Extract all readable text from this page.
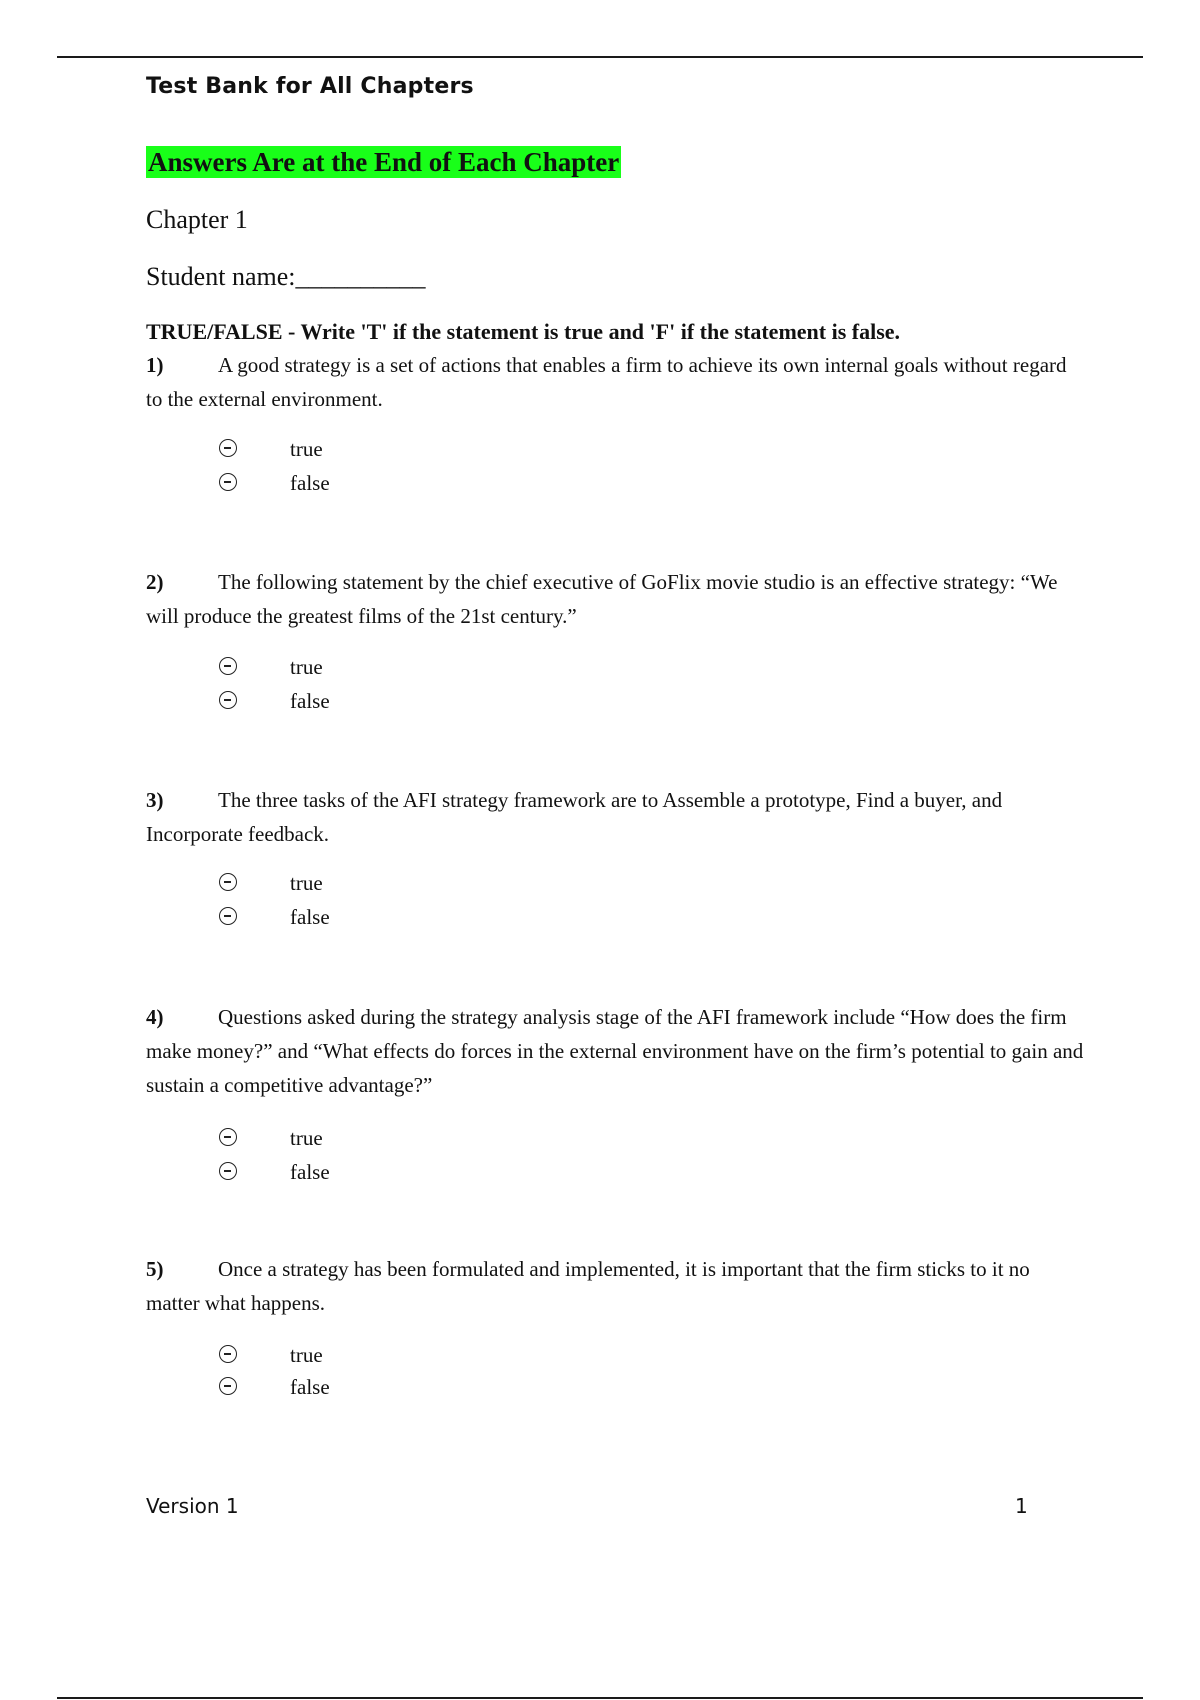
Test Bank for All Chapters
Answers Are at the End of Each Chapter
Chapter 1
Student name:__________
TRUE/FALSE - Write 'T' if the statement is true and 'F' if the statement is false.
1)	A good strategy is a set of actions that enables a firm to achieve its own internal goals without regard to the external environment.
true
false
2)	The following statement by the chief executive of GoFlix movie studio is an effective strategy: “We will produce the greatest films of the 21st century.”
true
false
3)	The three tasks of the AFI strategy framework are to Assemble a prototype, Find a buyer, and Incorporate feedback.
true
false
4)	Questions asked during the strategy analysis stage of the AFI framework include “How does the firm make money?” and “What effects do forces in the external environment have on the firm’s potential to gain and sustain a competitive advantage?”
true
false
5)	Once a strategy has been formulated and implemented, it is important that the firm sticks to it no matter what happens.
true
false
Version 1	1
